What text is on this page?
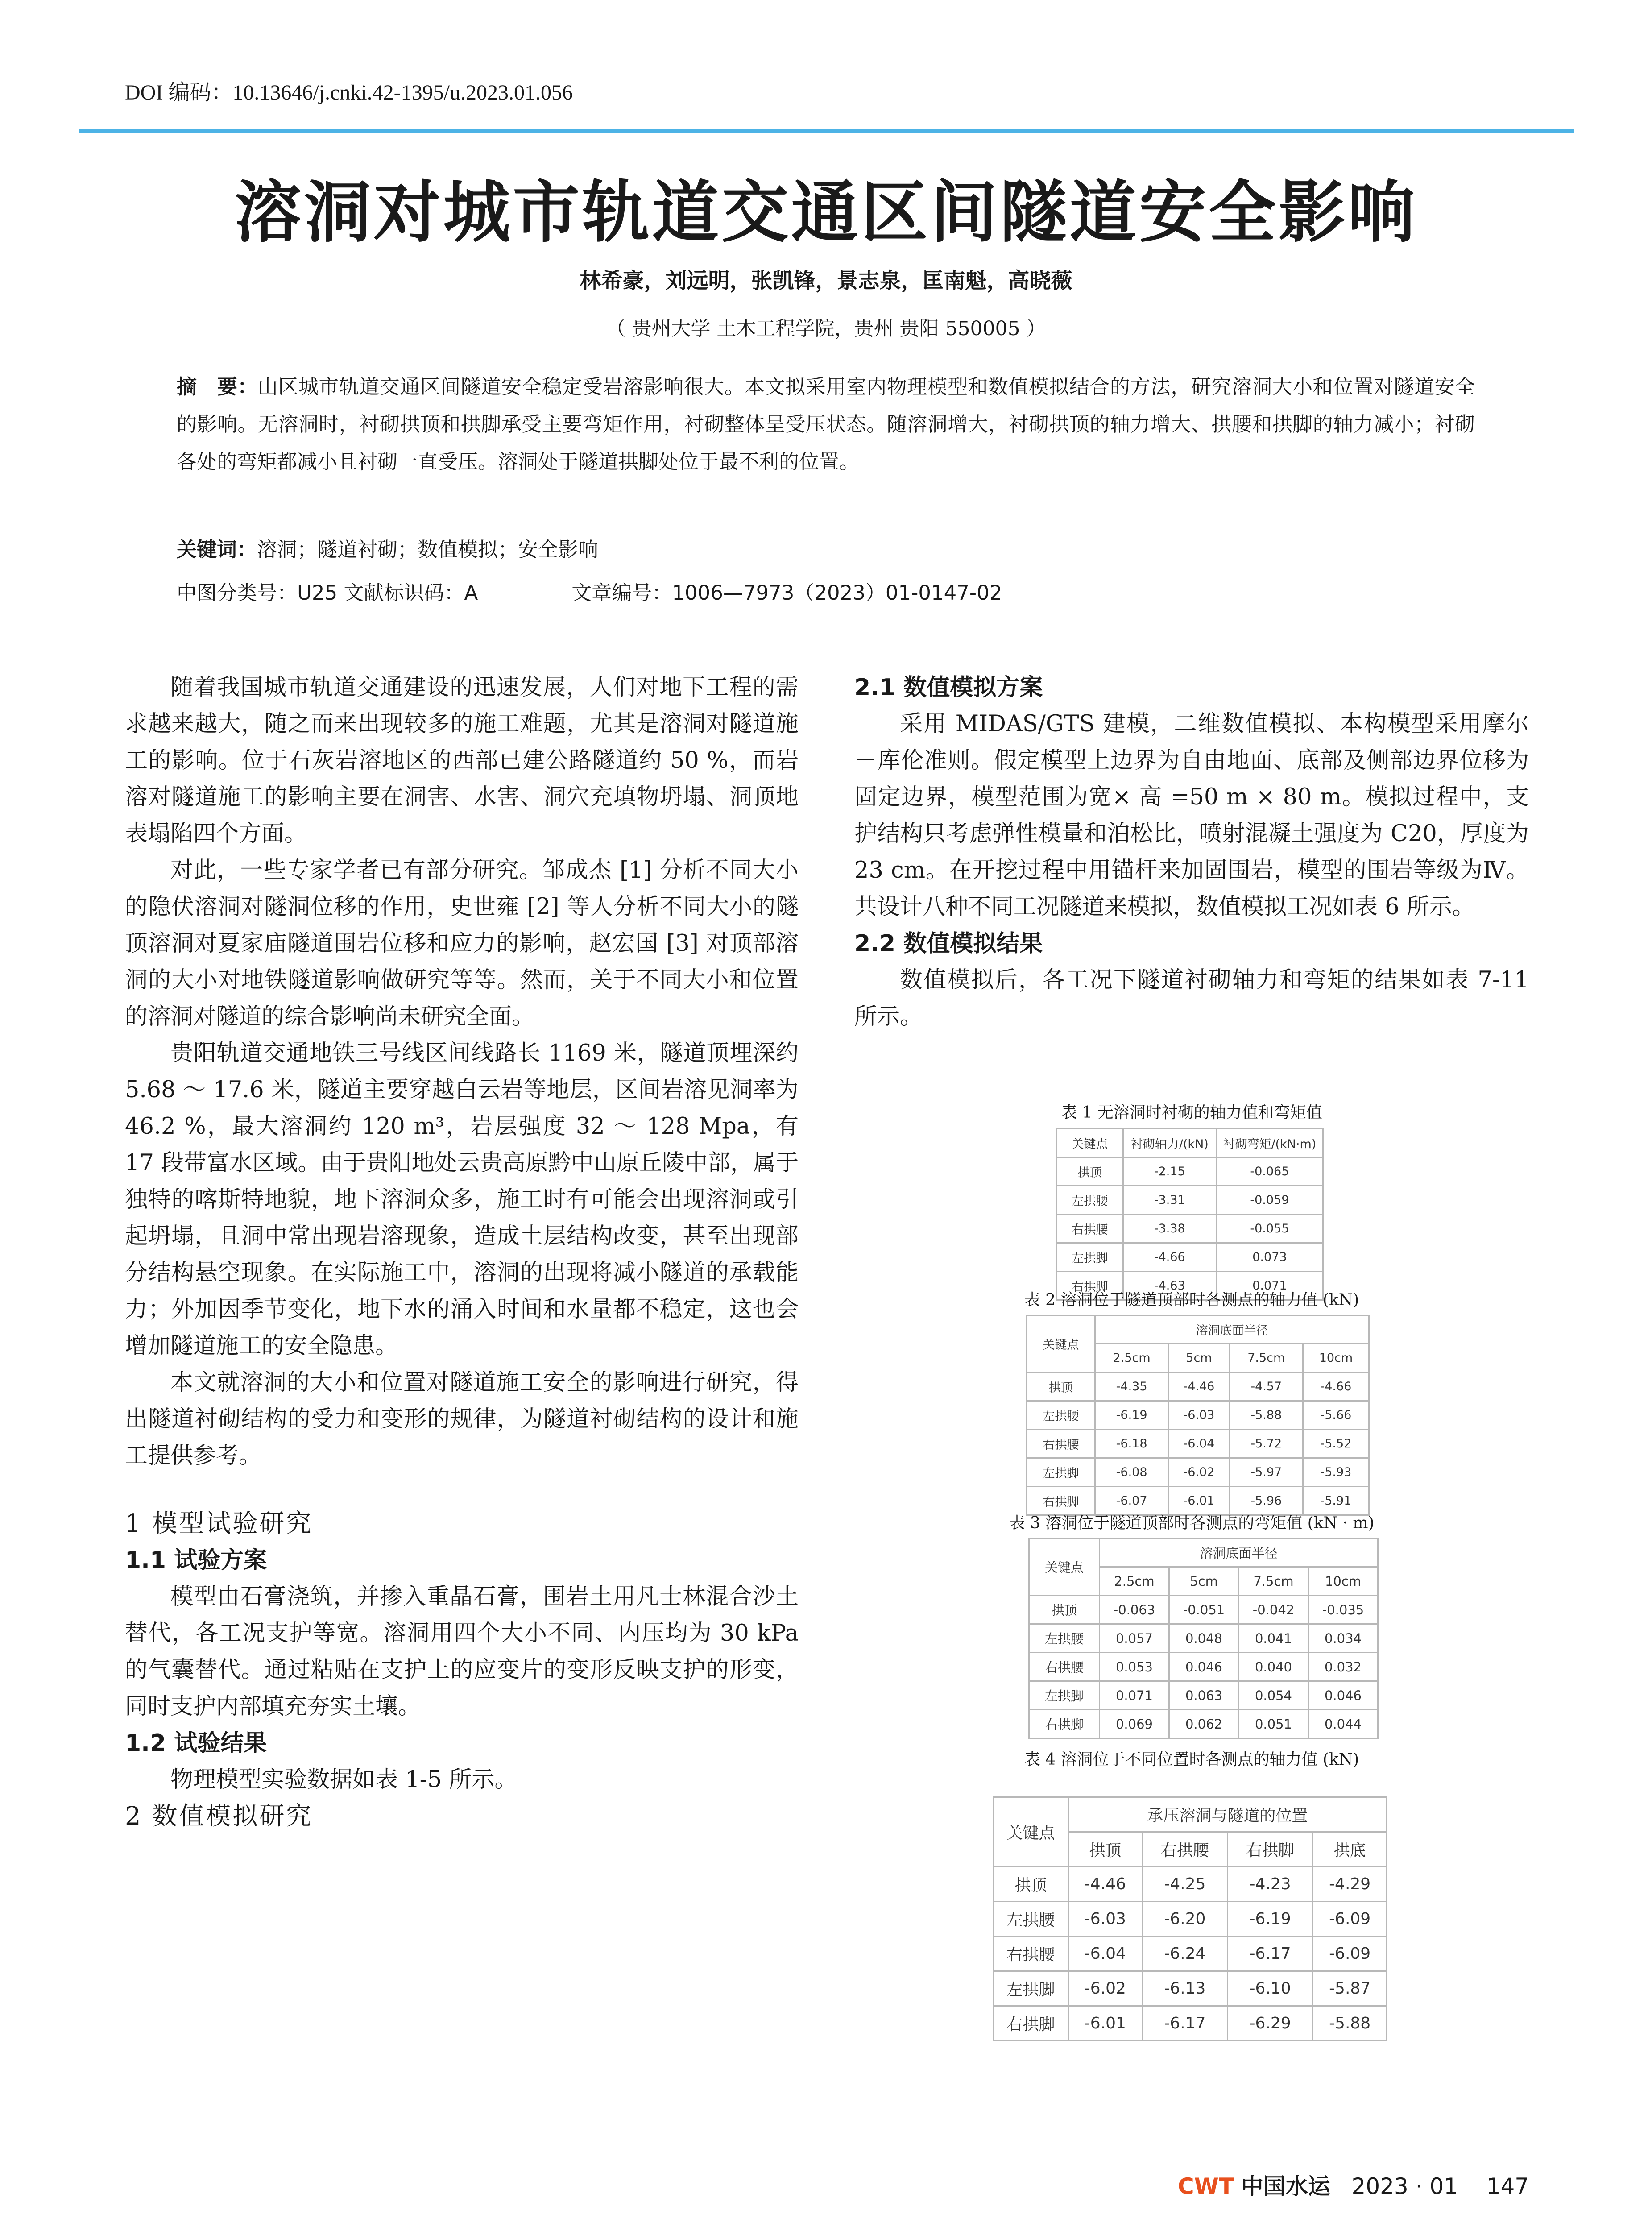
DOI 编码：10.13646/j.cnki.42-1395/u.2023.01.056
溶洞对城市轨道交通区间隧道安全影响
林希豪，刘远明，张凯锋，景志泉，匡南魁，高晓薇
（ 贵州大学 土木工程学院，贵州 贵阳 550005 ）
摘　要：山区城市轨道交通区间隧道安全稳定受岩溶影响很大。本文拟采用室内物理模型和数值模拟结合的方法，研究溶洞大小和位置对隧道安全的影响。无溶洞时，衬砌拱顶和拱脚承受主要弯矩作用，衬砌整体呈受压状态。随溶洞增大，衬砌拱顶的轴力增大、拱腰和拱脚的轴力减小；衬砌各处的弯矩都减小且衬砌一直受压。溶洞处于隧道拱脚处位于最不利的位置。
关键词：溶洞；隧道衬砌；数值模拟；安全影响
中图分类号：U25 文献标识码：A	文章编号：1006—7973（2023）01-0147-02

随着我国城市轨道交通建设的迅速发展，人们对地下工程的需求越来越大，随之而来出现较多的施工难题，尤其是溶洞对隧道施工的影响。位于石灰岩溶地区的西部已建公路隧道约 50 %，而岩溶对隧道施工的影响主要在洞害、水害、洞穴充填物坍塌、洞顶地表塌陷四个方面。

对此，一些专家学者已有部分研究。邹成杰 [1] 分析不同大小的隐伏溶洞对隧洞位移的作用，史世雍 [2] 等人分析不同大小的隧顶溶洞对夏家庙隧道围岩位移和应力的影响，赵宏国 [3] 对顶部溶洞的大小对地铁隧道影响做研究等等。然而，关于不同大小和位置的溶洞对隧道的综合影响尚未研究全面。

贵阳轨道交通地铁三号线区间线路长 1169 米，隧道顶埋深约 5.68 ～ 17.6 米，隧道主要穿越白云岩等地层，区间岩溶见洞率为 46.2 %，最大溶洞约 120 m³，岩层强度 32 ～ 128 Mpa，有 17 段带富水区域。由于贵阳地处云贵高原黔中山原丘陵中部，属于独特的喀斯特地貌，地下溶洞众多，施工时有可能会出现溶洞或引起坍塌，且洞中常出现岩溶现象，造成土层结构改变，甚至出现部分结构悬空现象。在实际施工中，溶洞的出现将减小隧道的承载能力；外加因季节变化，地下水的涌入时间和水量都不稳定，这也会增加隧道施工的安全隐患。

本文就溶洞的大小和位置对隧道施工安全的影响进行研究，得出隧道衬砌结构的受力和变形的规律，为隧道衬砌结构的设计和施工提供参考。

1 模型试验研究
1.1 试验方案

模型由石膏浇筑，并掺入重晶石膏，围岩土用凡士林混合沙土替代，各工况支护等宽。溶洞用四个大小不同、内压均为 30 kPa 的气囊替代。通过粘贴在支护上的应变片的变形反映支护的形变，同时支护内部填充夯实土壤。

1.2 试验结果

物理模型实验数据如表 1-5 所示。

2 数值模拟研究
2.1 数值模拟方案

采用 MIDAS/GTS 建模，二维数值模拟、本构模型采用摩尔－库伦准则。假定模型上边界为自由地面、底部及侧部边界位移为固定边界，模型范围为宽× 高 =50 m × 80 m。模拟过程中，支护结构只考虑弹性模量和泊松比，喷射混凝土强度为 C20，厚度为 23 cm。在开挖过程中用锚杆来加固围岩，模型的围岩等级为Ⅳ。共设计八种不同工况隧道来模拟，数值模拟工况如表 6 所示。

2.2 数值模拟结果

数值模拟后，各工况下隧道衬砌轴力和弯矩的结果如表 7-11 所示。

表 1 无溶洞时衬砌的轴力值和弯矩值
关键点	衬砌轴力/(kN)	衬砌弯矩/(kN·m)
拱顶	-2.15	-0.065
左拱腰	-3.31	-0.059
右拱腰	-3.38	-0.055
左拱脚	-4.66	0.073
右拱脚	-4.63	0.071
表 2 溶洞位于隧道顶部时各测点的轴力值 (kN)
关键点	溶洞底面半径			
	2.5cm	5cm	7.5cm	10cm
拱顶	-4.35	-4.46	-4.57	-4.66
左拱腰	-6.19	-6.03	-5.88	-5.66
右拱腰	-6.18	-6.04	-5.72	-5.52
左拱脚	-6.08	-6.02	-5.97	-5.93
右拱脚	-6.07	-6.01	-5.96	-5.91
表 3 溶洞位于隧道顶部时各测点的弯矩值 (kN · m)
关键点	溶洞底面半径			
	2.5cm	5cm	7.5cm	10cm
拱顶	-0.063	-0.051	-0.042	-0.035
左拱腰	0.057	0.048	0.041	0.034
右拱腰	0.053	0.046	0.040	0.032
左拱脚	0.071	0.063	0.054	0.046
右拱脚	0.069	0.062	0.051	0.044
表 4 溶洞位于不同位置时各测点的轴力值 (kN)
关键点	承压溶洞与隧道的位置			
	拱顶	右拱腰	右拱脚	拱底
拱顶	-4.46	-4.25	-4.23	-4.29
左拱腰	-6.03	-6.20	-6.19	-6.09
右拱腰	-6.04	-6.24	-6.17	-6.09
左拱脚	-6.02	-6.13	-6.10	-5.87
右拱脚	-6.01	-6.17	-6.29	-5.88
CWT 中国水运 2023 · 01 147
